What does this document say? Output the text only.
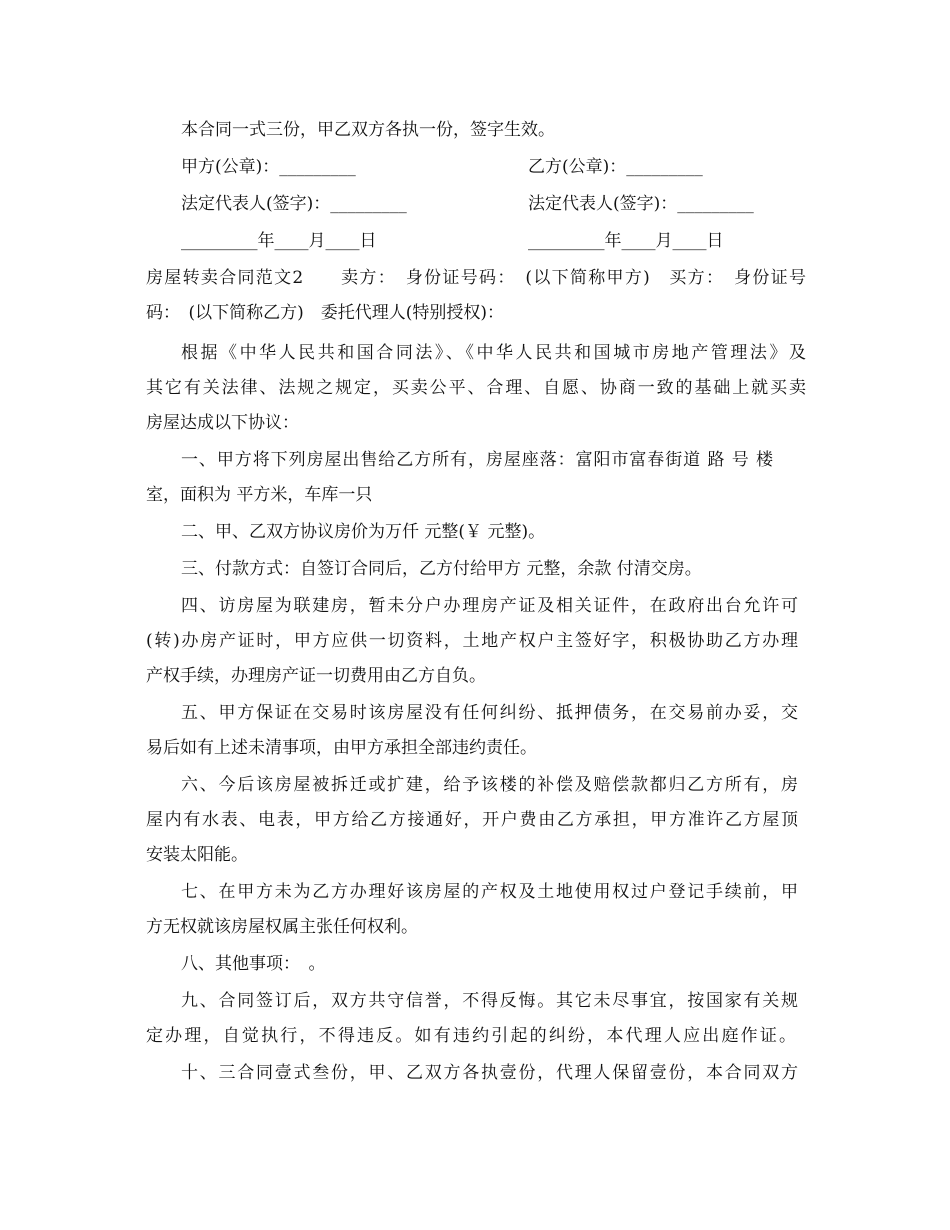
本合同一式三份，甲乙双方各执一份，签字生效。
甲方(公章)：_________	乙方(公章)：_________
法定代表人(签字)：_________	法定代表人(签字)：_________
_________年____月____日	_________年____月____日
房屋转卖合同范文2　　卖方：　身份证号码：　(以下简称甲方)　买方：　身份证号
码：　(以下简称乙方)　委托代理人(特别授权)：
根据《中华人民共和国合同法》、《中华人民共和国城市房地产管理法》及
其它有关法律、法规之规定，买卖公平、合理、自愿、协商一致的基础上就买卖
房屋达成以下协议：
一、甲方将下列房屋出售给乙方所有，房屋座落：富阳市富春街道 路 号 楼
室，面积为 平方米，车库一只
二、甲、乙双方协议房价为万仟 元整(￥ 元整)。
三、付款方式：自签订合同后，乙方付给甲方 元整，余款 付清交房。
四、访房屋为联建房，暂未分户办理房产证及相关证件，在政府出台允许可
(转)办房产证时，甲方应供一切资料，土地产权户主签好字，积极协助乙方办理
产权手续，办理房产证一切费用由乙方自负。
五、甲方保证在交易时该房屋没有任何纠纷、抵押债务，在交易前办妥，交
易后如有上述未清事项，由甲方承担全部违约责任。
六、今后该房屋被拆迁或扩建，给予该楼的补偿及赔偿款都归乙方所有，房
屋内有水表、电表，甲方给乙方接通好，开户费由乙方承担，甲方准许乙方屋顶
安装太阳能。
七、在甲方未为乙方办理好该房屋的产权及土地使用权过户登记手续前，甲
方无权就该房屋权属主张任何权利。
八、其他事项：　。
九、合同签订后，双方共守信誉，不得反悔。其它未尽事宜，按国家有关规
定办理，自觉执行，不得违反。如有违约引起的纠纷，本代理人应出庭作证。
十、三合同壹式叁份，甲、乙双方各执壹份，代理人保留壹份，本合同双方
